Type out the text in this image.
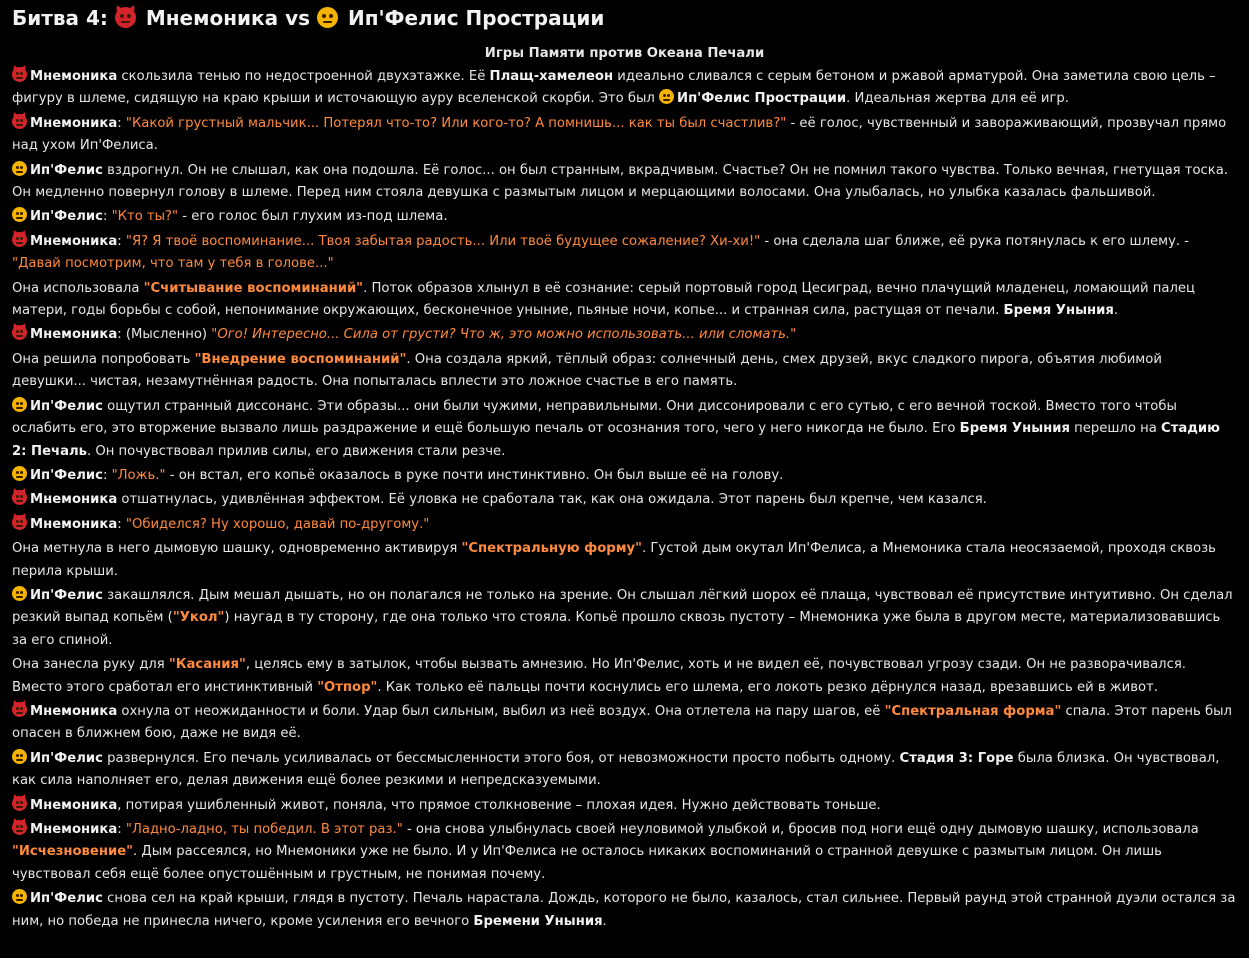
Битва 4: Мнемоника vs Ип'Фелис Прострации
Игры Памяти против Океана Печали
Мнемоника скользила тенью по недостроенной двухэтажке. Её Плащ-хамелеон идеально сливался с серым бетоном и ржавой арматурой. Она заметила свою цель – фигуру в шлеме, сидящую на краю крыши и источающую ауру вселенской скорби. Это был
Ип'Фелис Прострации. Идеальная жертва для её игр.
Мнемоника: "Какой грустный мальчик... Потерял что-то? Или кого-то? А помнишь... как ты был счастлив?" - её голос, чувственный и завораживающий, прозвучал прямо над ухом Ип'Фелиса.
Ип'Фелис вздрогнул. Он не слышал, как она подошла. Её голос... он был странным, вкрадчивым. Счастье? Он не помнил такого чувства. Только вечная, гнетущая тоска. Он медленно повернул голову в шлеме. Перед ним стояла девушка с размытым лицом и мерцающими волосами. Она улыбалась, но улыбка казалась фальшивой.
Ип'Фелис: "Кто ты?" - его голос был глухим из-под шлема.
Мнемоника: "Я? Я твоё воспоминание... Твоя забытая радость... Или твоё будущее сожаление? Хи-хи!" - она сделала шаг ближе, её рука потянулась к его шлему. - "Давай посмотрим, что там у тебя в голове..."
Она использовала "Считывание воспоминаний". Поток образов хлынул в её сознание: серый портовый город Цесиград, вечно плачущий младенец, ломающий палец матери, годы борьбы с собой, непонимание окружающих, бесконечное уныние, пьяные ночи, копье... и странная сила, растущая от печали. Бремя Уныния.
Мнемоника: (Мысленно) "Ого! Интересно... Сила от грусти? Что ж, это можно использовать... или сломать."
Она решила попробовать "Внедрение воспоминаний". Она создала яркий, тёплый образ: солнечный день, смех друзей, вкус сладкого пирога, объятия любимой девушки... чистая, незамутнённая радость. Она попыталась вплести это ложное счастье в его память.
Ип'Фелис ощутил странный диссонанс. Эти образы... они были чужими, неправильными. Они диссонировали с его сутью, с его вечной тоской. Вместо того чтобы ослабить его, это вторжение вызвало лишь раздражение и ещё большую печаль от осознания того, чего у него никогда не было. Его Бремя Уныния перешло на Стадию 2: Печаль. Он почувствовал прилив силы, его движения стали резче.
Ип'Фелис: "Ложь." - он встал, его копьё оказалось в руке почти инстинктивно. Он был выше её на голову.
Мнемоника отшатнулась, удивлённая эффектом. Её уловка не сработала так, как она ожидала. Этот парень был крепче, чем казался.
Мнемоника: "Обиделся? Ну хорошо, давай по-другому."
Она метнула в него дымовую шашку, одновременно активируя "Спектральную форму". Густой дым окутал Ип'Фелиса, а Мнемоника стала неосязаемой, проходя сквозь перила крыши.
Ип'Фелис закашлялся. Дым мешал дышать, но он полагался не только на зрение. Он слышал лёгкий шорох её плаща, чувствовал её присутствие интуитивно. Он сделал резкий выпад копьём ("Укол") наугад в ту сторону, где она только что стояла. Копьё прошло сквозь пустоту – Мнемоника уже была в другом месте, материализовавшись за его спиной.
Она занесла руку для "Касания", целясь ему в затылок, чтобы вызвать амнезию. Но Ип'Фелис, хоть и не видел её, почувствовал угрозу сзади. Он не разворачивался. Вместо этого сработал его инстинктивный "Отпор". Как только её пальцы почти коснулись его шлема, его локоть резко дёрнулся назад, врезавшись ей в живот.
Мнемоника охнула от неожиданности и боли. Удар был сильным, выбил из неё воздух. Она отлетела на пару шагов, её "Спектральная форма" спала. Этот парень был опасен в ближнем бою, даже не видя её.
Ип'Фелис развернулся. Его печаль усиливалась от бессмысленности этого боя, от невозможности просто побыть одному. Стадия 3: Горе была близка. Он чувствовал, как сила наполняет его, делая движения ещё более резкими и непредсказуемыми.
Мнемоника, потирая ушибленный живот, поняла, что прямое столкновение – плохая идея. Нужно действовать тоньше.
Мнемоника: "Ладно-ладно, ты победил. В этот раз." - она снова улыбнулась своей неуловимой улыбкой и, бросив под ноги ещё одну дымовую шашку, использовала "Исчезновение". Дым рассеялся, но Мнемоники уже не было. И у Ип'Фелиса не осталось никаких воспоминаний о странной девушке с размытым лицом. Он лишь чувствовал себя ещё более опустошённым и грустным, не понимая почему.
Ип'Фелис снова сел на край крыши, глядя в пустоту. Печаль нарастала. Дождь, которого не было, казалось, стал сильнее. Первый раунд этой странной дуэли остался за ним, но победа не принесла ничего, кроме усиления его вечного Бремени Уныния.
